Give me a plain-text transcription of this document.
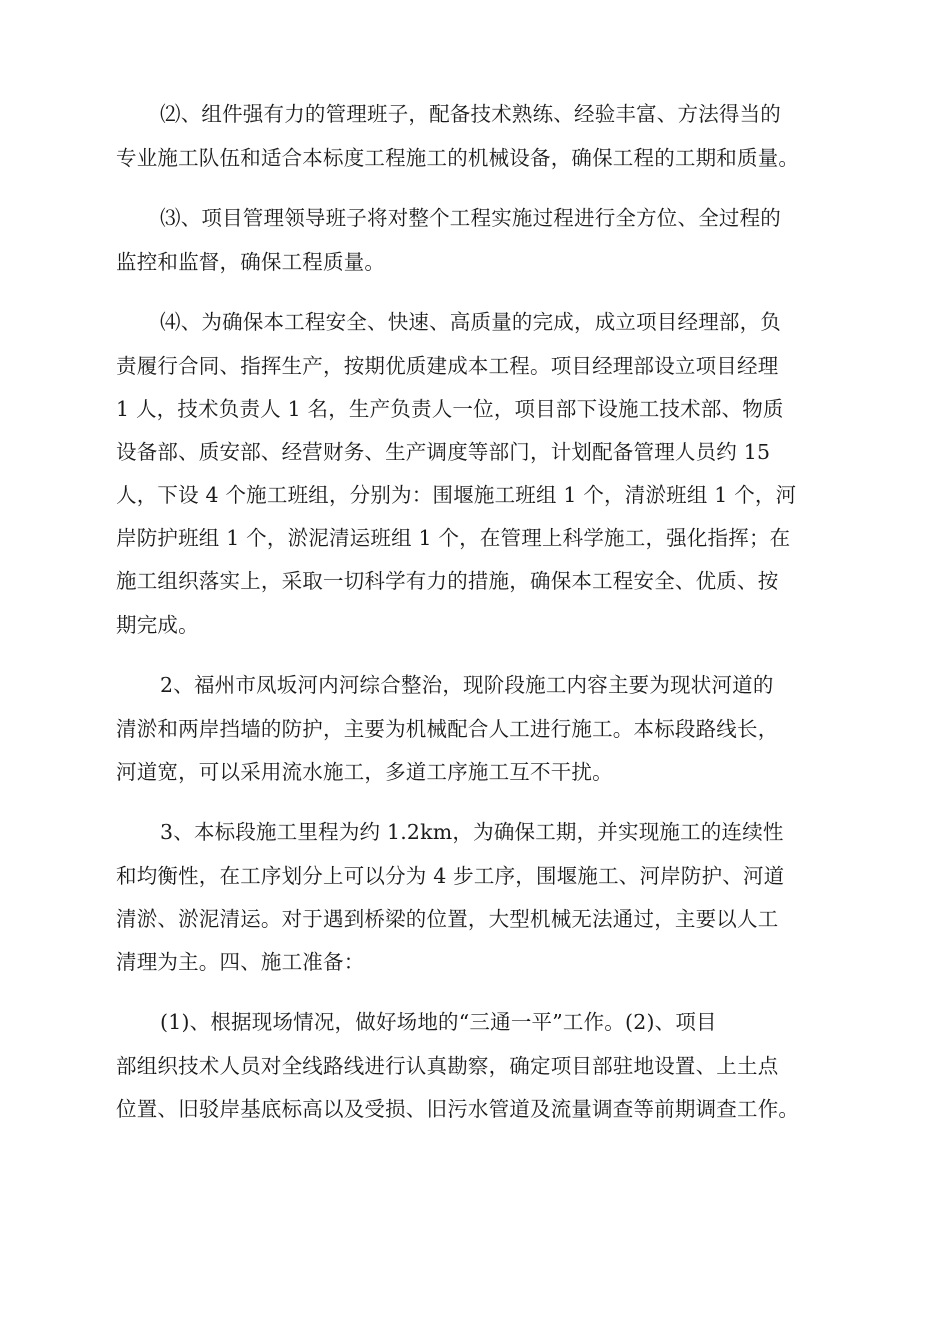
⑵、组件强有力的管理班子，配备技术熟练、经验丰富、方法得当的
专业施工队伍和适合本标度工程施工的机械设备，确保工程的工期和质量。
⑶、项目管理领导班子将对整个工程实施过程进行全方位、全过程的
监控和监督，确保工程质量。
⑷、为确保本工程安全、快速、高质量的完成，成立项目经理部，负
责履行合同、指挥生产，按期优质建成本工程。项目经理部设立项目经理
1 人，技术负责人 1 名，生产负责人一位，项目部下设施工技术部、物质
设备部、质安部、经营财务、生产调度等部门，计划配备管理人员约 15
人，下设 4 个施工班组，分别为：围堰施工班组 1 个，清淤班组 1 个，河
岸防护班组 1 个，淤泥清运班组 1 个，在管理上科学施工，强化指挥；在
施工组织落实上，采取一切科学有力的措施，确保本工程安全、优质、按
期完成。
2、福州市凤坂河内河综合整治，现阶段施工内容主要为现状河道的
清淤和两岸挡墙的防护，主要为机械配合人工进行施工。本标段路线长，
河道宽，可以采用流水施工，多道工序施工互不干扰。
3、本标段施工里程为约 1.2km，为确保工期，并实现施工的连续性
和均衡性，在工序划分上可以分为 4 步工序，围堰施工、河岸防护、河道
清淤、淤泥清运。对于遇到桥梁的位置，大型机械无法通过，主要以人工
清理为主。四、施工准备：
(1)、根据现场情况，做好场地的“三通一平”工作。(2)、项目
部组织技术人员对全线路线进行认真勘察，确定项目部驻地设置、上土点
位置、旧驳岸基底标高以及受损、旧污水管道及流量调查等前期调查工作。
